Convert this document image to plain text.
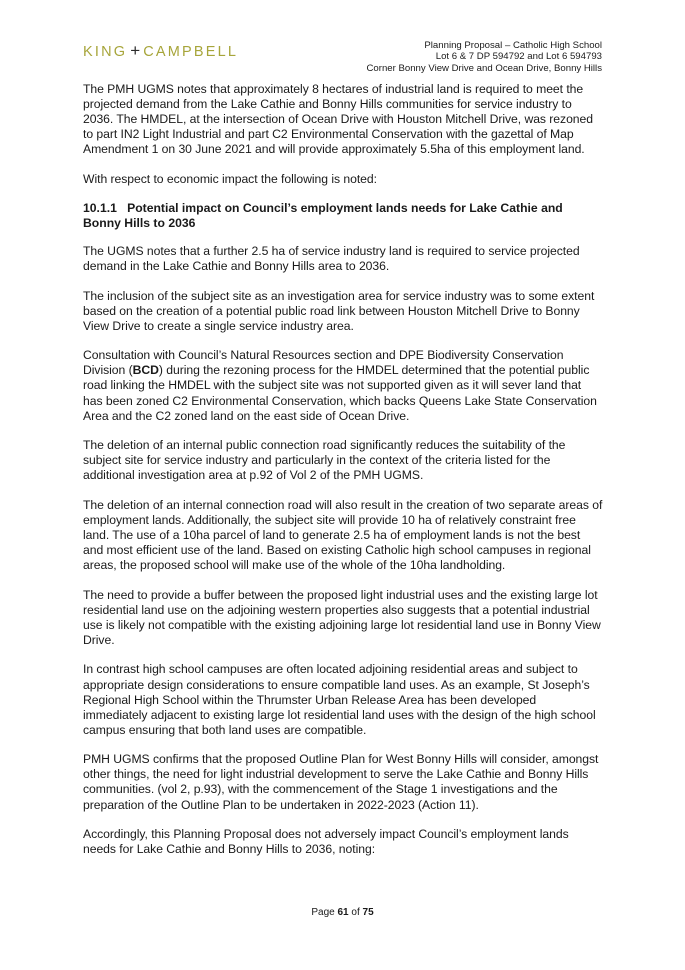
KING + CAMPBELL	Planning Proposal – Catholic High School
Lot 6 & 7 DP 594792 and Lot 6 594793
Corner Bonny View Drive and Ocean Drive, Bonny Hills

The PMH UGMS notes that approximately 8 hectares of industrial land is required to meet the projected demand from the Lake Cathie and Bonny Hills communities for service industry to 2036. The HMDEL, at the intersection of Ocean Drive with Houston Mitchell Drive, was rezoned to part IN2 Light Industrial and part C2 Environmental Conservation with the gazettal of Map Amendment 1 on 30 June 2021 and will provide approximately 5.5ha of this employment land.

With respect to economic impact the following is noted:

10.1.1 Potential impact on Council’s employment lands needs for Lake Cathie and Bonny Hills to 2036

The UGMS notes that a further 2.5 ha of service industry land is required to service projected demand in the Lake Cathie and Bonny Hills area to 2036.

The inclusion of the subject site as an investigation area for service industry was to some extent based on the creation of a potential public road link between Houston Mitchell Drive to Bonny View Drive to create a single service industry area.

Consultation with Council’s Natural Resources section and DPE Biodiversity Conservation Division (BCD) during the rezoning process for the HMDEL determined that the potential public road linking the HMDEL with the subject site was not supported given as it will sever land that has been zoned C2 Environmental Conservation, which backs Queens Lake State Conservation Area and the C2 zoned land on the east side of Ocean Drive.

The deletion of an internal public connection road significantly reduces the suitability of the subject site for service industry and particularly in the context of the criteria listed for the additional investigation area at p.92 of Vol 2 of the PMH UGMS.

The deletion of an internal connection road will also result in the creation of two separate areas of employment lands. Additionally, the subject site will provide 10 ha of relatively constraint free land. The use of a 10ha parcel of land to generate 2.5 ha of employment lands is not the best and most efficient use of the land. Based on existing Catholic high school campuses in regional areas, the proposed school will make use of the whole of the 10ha landholding.

The need to provide a buffer between the proposed light industrial uses and the existing large lot residential land use on the adjoining western properties also suggests that a potential industrial use is likely not compatible with the existing adjoining large lot residential land use in Bonny View Drive.

In contrast high school campuses are often located adjoining residential areas and subject to appropriate design considerations to ensure compatible land uses. As an example, St Joseph’s Regional High School within the Thrumster Urban Release Area has been developed immediately adjacent to existing large lot residential land uses with the design of the high school campus ensuring that both land uses are compatible.

PMH UGMS confirms that the proposed Outline Plan for West Bonny Hills will consider, amongst other things, the need for light industrial development to serve the Lake Cathie and Bonny Hills communities. (vol 2, p.93), with the commencement of the Stage 1 investigations and the preparation of the Outline Plan to be undertaken in 2022-2023 (Action 11).

Accordingly, this Planning Proposal does not adversely impact Council’s employment lands needs for Lake Cathie and Bonny Hills to 2036, noting:

Page 61 of 75
